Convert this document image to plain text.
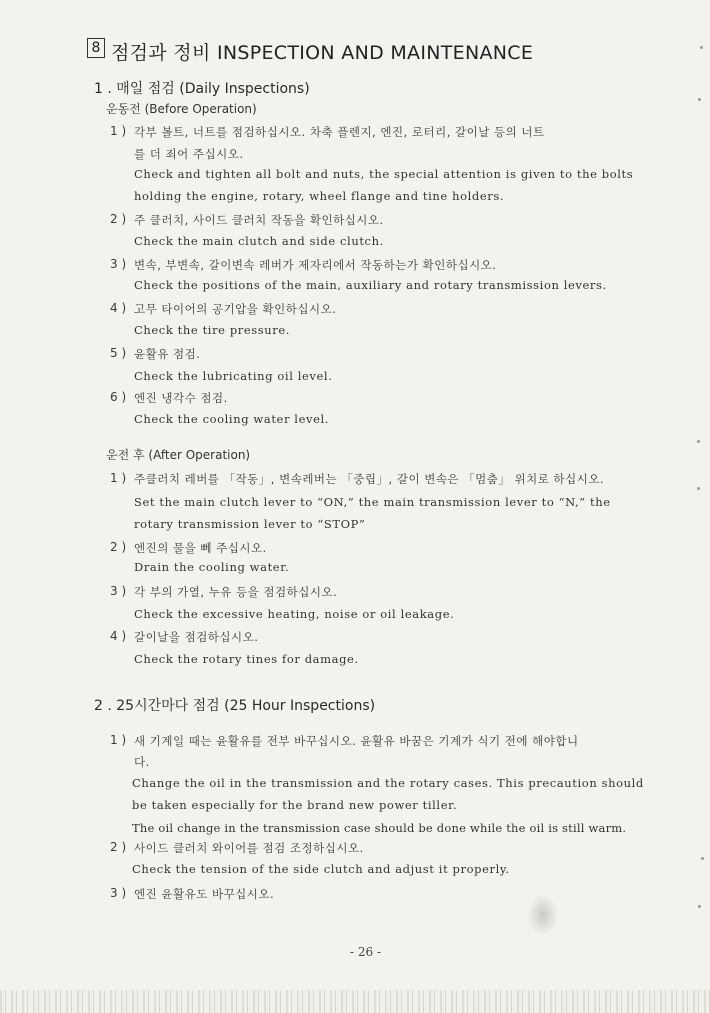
8 점검과 정비 INSPECTION AND MAINTENANCE
1 . 매일 점검 (Daily Inspections)
운동전 (Before Operation)
1 ) 각부 볼트, 너트를 점검하십시오. 차축 플렌지, 엔진, 로터리, 갈이날 등의 너트
를 더 죄어 주십시오.
Check and tighten all bolt and nuts, the special attention is given to the bolts
holding the engine, rotary, wheel flange and tine holders.
2 ) 주 클러치, 사이드 클러치 작동을 확인하십시오.
Check the main clutch and side clutch.
3 ) 변속, 부변속, 갈이변속 레버가 제자리에서 작동하는가 확인하십시오.
Check the positions of the main, auxiliary and rotary transmission levers.
4 ) 고무 타이어의 공기압을 확인하십시오.
Check the tire pressure.
5 ) 윤활유 점검.
Check the lubricating oil level.
6 ) 엔진 냉각수 점검.
Check the cooling water level.
운전 후 (After Operation)
1 ) 주클러치 레버를 「작동」, 변속레버는 「중립」, 갈이 변속은 「멈춤」 위치로 하십시오.
Set the main clutch lever to “ON,” the main transmission lever to “N,” the
rotary transmission lever to “STOP”
2 ) 엔진의 물을 뻬 주십시오.
Drain the cooling water.
3 ) 각 부의 가열, 누유 등을 점검하십시오.
Check the excessive heating, noise or oil leakage.
4 ) 갈이날을 점검하십시오.
Check the rotary tines for damage.
2 . 25시간마다 점검 (25 Hour Inspections)
1 ) 새 기계일 때는 윤활유를 전부 바꾸십시오. 윤활유 바꿈은 기계가 식기 전에 해야합니
다.
Change the oil in the transmission and the rotary cases. This precaution should
be taken especially for the brand new power tiller.
The oil change in the transmission case should be done while the oil is still warm.
2 ) 사이드 클러치 와이어를 점검 조정하십시오.
Check the tension of the side clutch and adjust it properly.
3 ) 엔진 윤활유도 바꾸십시오.
- 26 -
